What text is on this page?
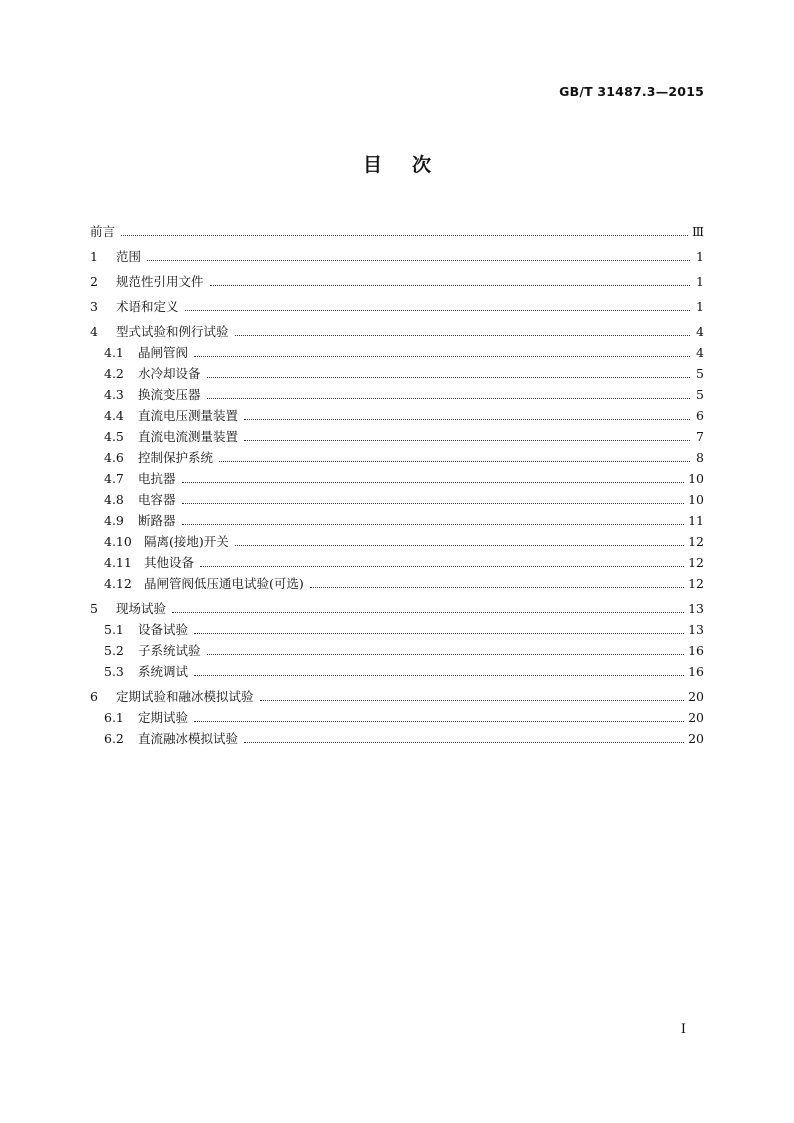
GB/T 31487.3—2015
目次
前言	Ⅲ
1	范围	1
2	规范性引用文件	1
3	术语和定义	1
4	型式试验和例行试验	4
4.1	晶闸管阀	4
4.2	水冷却设备	5
4.3	换流变压器	5
4.4	直流电压测量装置	6
4.5	直流电流测量装置	7
4.6	控制保护系统	8
4.7	电抗器	10
4.8	电容器	10
4.9	断路器	11
4.10 隔离(接地)开关	12
4.11 其他设备	12
4.12 晶闸管阀低压通电试验(可选)	12
5	现场试验	13
5.1	设备试验	13
5.2	子系统试验	16
5.3	系统调试	16
6	定期试验和融冰模拟试验	20
6.1	定期试验	20
6.2	直流融冰模拟试验	20
I
